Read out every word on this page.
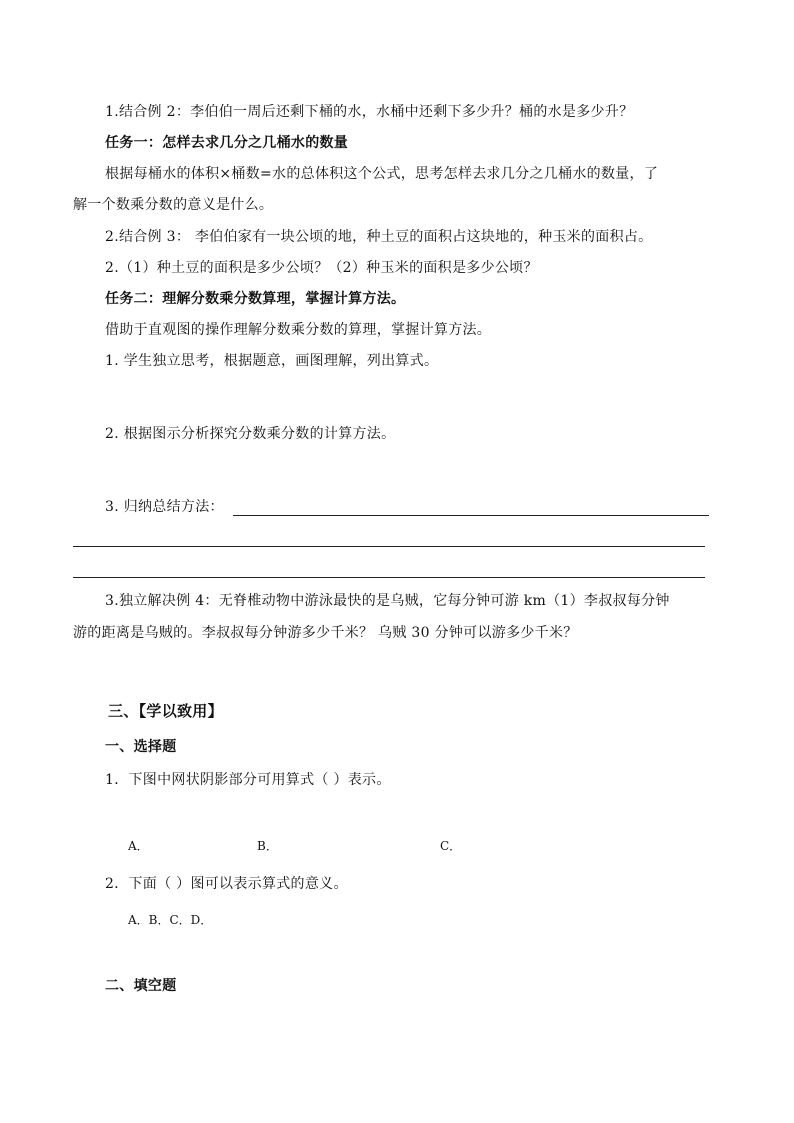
1.结合例 2：李伯伯一周后还剩下桶的水，水桶中还剩下多少升？桶的水是多少升？
任务一：怎样去求几分之几桶水的数量
根据每桶水的体积×桶数=水的总体积这个公式，思考怎样去求几分之几桶水的数量，了
解一个数乘分数的意义是什么。
2.结合例 3： 李伯伯家有一块公顷的地，种土豆的面积占这块地的，种玉米的面积占。
2.（1）种土豆的面积是多少公顷？（2）种玉米的面积是多少公顷？
任务二：理解分数乘分数算理，掌握计算方法。
借助于直观图的操作理解分数乘分数的算理，掌握计算方法。
1. 学生独立思考，根据题意，画图理解，列出算式。
2. 根据图示分析探究分数乘分数的计算方法。
3. 归纳总结方法：
3.独立解决例 4：无脊椎动物中游泳最快的是乌贼，它每分钟可游 km（1）李叔叔每分钟
游的距离是乌贼的。李叔叔每分钟游多少千米？ 乌贼 30 分钟可以游多少千米？
三、【学以致用】
一、选择题
1．下图中网状阴影部分可用算式（ ）表示。
A．	B．	C．
2．下面（ ）图可以表示算式的意义。
A．B．C．D．
二、填空题
